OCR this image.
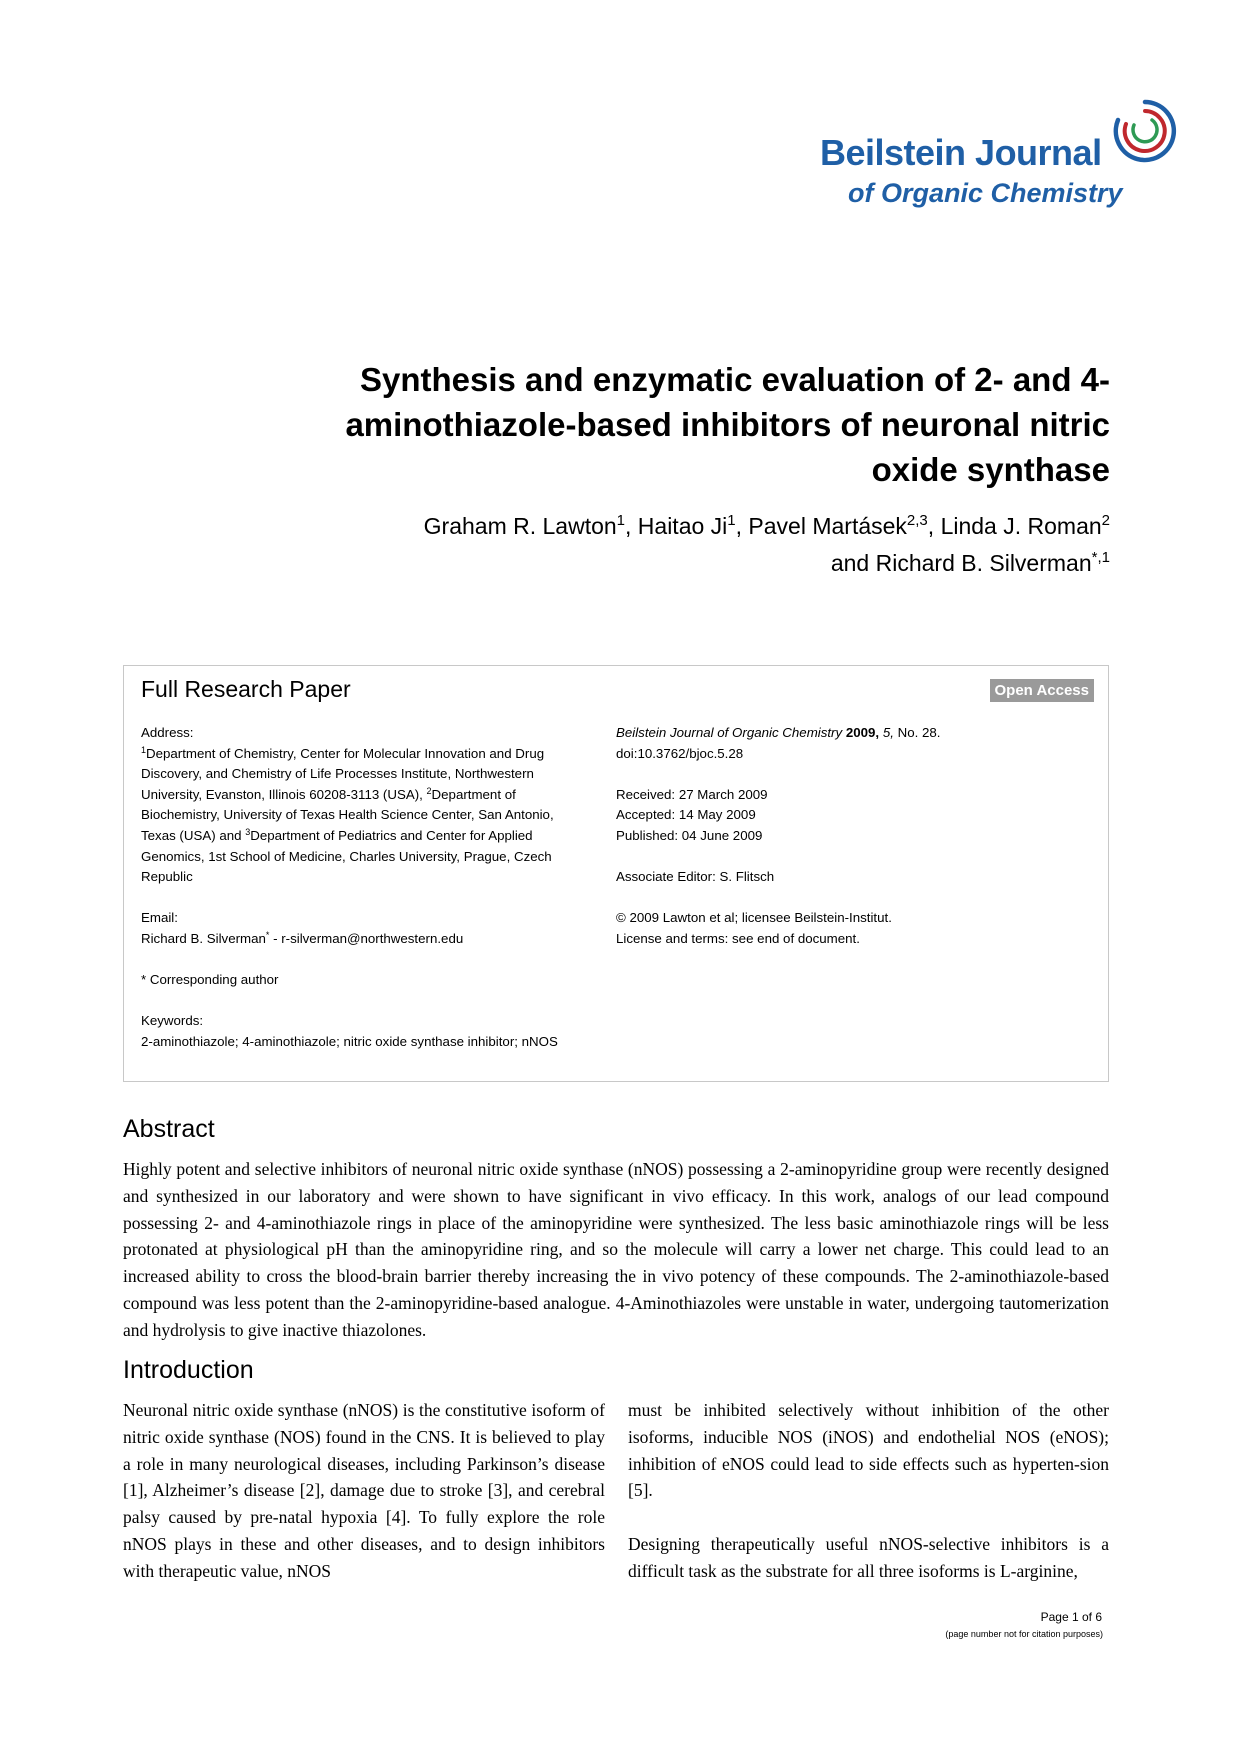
Beilstein Journal
of Organic Chemistry
Synthesis and enzymatic evaluation of 2- and 4-aminothiazole-based inhibitors of neuronal nitric oxide synthase
Graham R. Lawton$^1$, Haitao Ji$^1$, Pavel Martásek$^{2,3}$, Linda J. Roman$^2$
and Richard B. Silverman$^{*,1}$
Full Research Paper	Open Access

Address:
$^1$Department of Chemistry, Center for Molecular Innovation and Drug Discovery, and Chemistry of Life Processes Institute, Northwestern University, Evanston, Illinois 60208-3113 (USA), $^2$Department of Biochemistry, University of Texas Health Science Center, San Antonio, Texas (USA) and $^3$Department of Pediatrics and Center for Applied Genomics, 1st School of Medicine, Charles University, Prague, Czech Republic

Email:
Richard B. Silverman* - r-silverman@northwestern.edu

* Corresponding author

Keywords:
2-aminothiazole; 4-aminothiazole; nitric oxide synthase inhibitor; nNOS

Beilstein Journal of Organic Chemistry 2009, 5, No. 28.
doi:10.3762/bjoc.5.28

Received: 27 March 2009
Accepted: 14 May 2009
Published: 04 June 2009

Associate Editor: S. Flitsch

© 2009 Lawton et al; licensee Beilstein-Institut.
License and terms: see end of document.

Abstract
Highly potent and selective inhibitors of neuronal nitric oxide synthase (nNOS) possessing a 2-aminopyridine group were recently designed and synthesized in our laboratory and were shown to have significant in vivo efficacy. In this work, analogs of our lead compound possessing 2- and 4-aminothiazole rings in place of the aminopyridine were synthesized. The less basic aminothiazole rings will be less protonated at physiological pH than the aminopyridine ring, and so the molecule will carry a lower net charge. This could lead to an increased ability to cross the blood-brain barrier thereby increasing the in vivo potency of these compounds. The 2-aminothiazole-based compound was less potent than the 2-aminopyridine-based analogue. 4-Aminothiazoles were unstable in water, undergoing tautomerization and hydrolysis to give inactive thiazolones.
Introduction
Neuronal nitric oxide synthase (nNOS) is the constitutive isoform of nitric oxide synthase (NOS) found in the CNS. It is believed to play a role in many neurological diseases, including Parkinson’s disease [1], Alzheimer’s disease [2], damage due to stroke [3], and cerebral palsy caused by pre-natal hypoxia [4]. To fully explore the role nNOS plays in these and other diseases, and to design inhibitors with therapeutic value, nNOS

must be inhibited selectively without inhibition of the other isoforms, inducible NOS (iNOS) and endothelial NOS (eNOS); inhibition of eNOS could lead to side effects such as hyperten-sion [5].

Designing therapeutically useful nNOS-selective inhibitors is a difficult task as the substrate for all three isoforms is L-arginine,

Page 1 of 6
(page number not for citation purposes)
